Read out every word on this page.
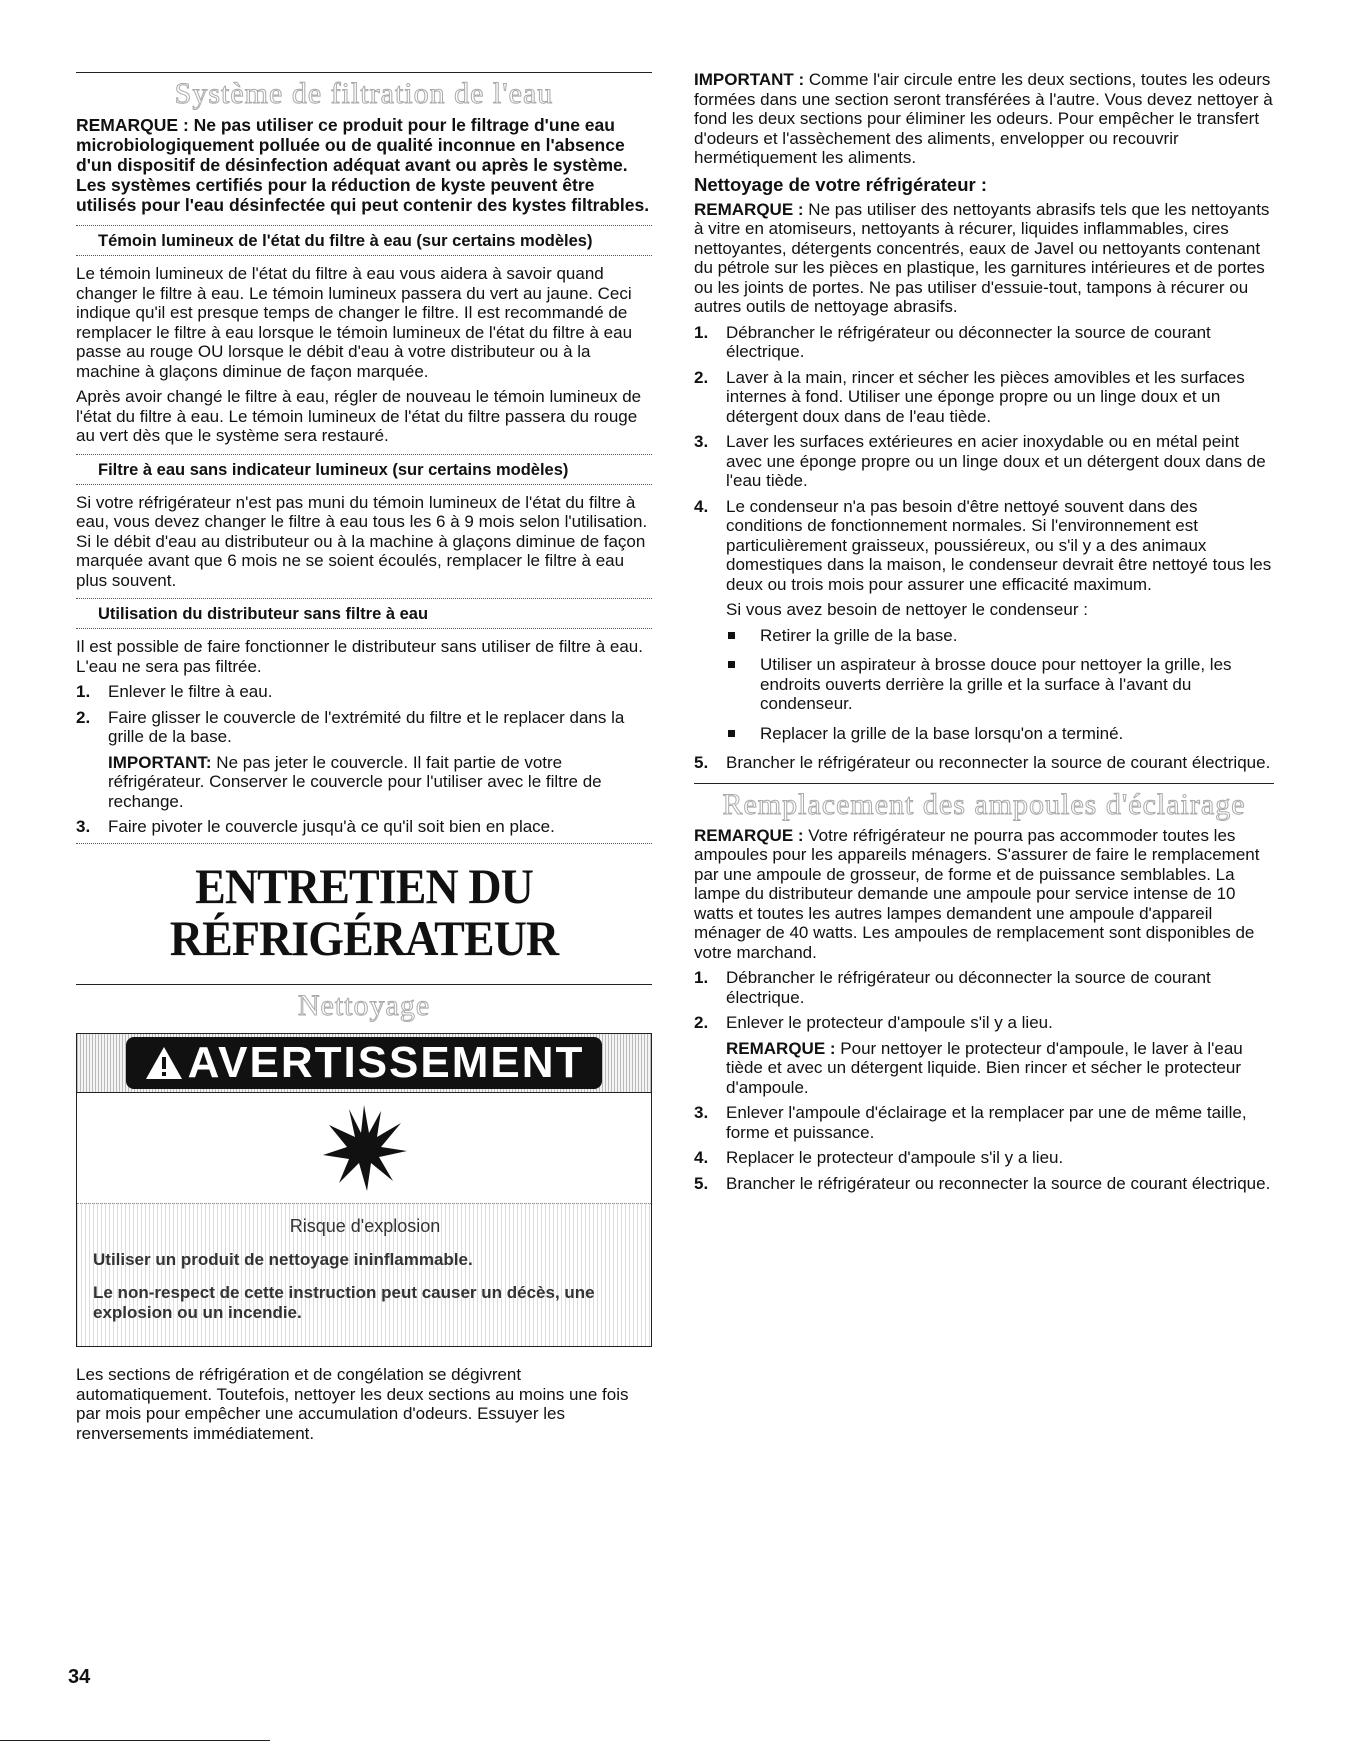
Système de filtration de l'eau

REMARQUE : Ne pas utiliser ce produit pour le filtrage d'une eau microbiologiquement polluée ou de qualité inconnue en l'absence d'un dispositif de désinfection adéquat avant ou après le système. Les systèmes certifiés pour la réduction de kyste peuvent être utilisés pour l'eau désinfectée qui peut contenir des kystes filtrables.

Témoin lumineux de l'état du filtre à eau (sur certains modèles)

Le témoin lumineux de l'état du filtre à eau vous aidera à savoir quand changer le filtre à eau. Le témoin lumineux passera du vert au jaune. Ceci indique qu'il est presque temps de changer le filtre. Il est recommandé de remplacer le filtre à eau lorsque le témoin lumineux de l'état du filtre à eau passe au rouge OU lorsque le débit d'eau à votre distributeur ou à la machine à glaçons diminue de façon marquée.

Après avoir changé le filtre à eau, régler de nouveau le témoin lumineux de l'état du filtre à eau. Le témoin lumineux de l'état du filtre passera du rouge au vert dès que le système sera restauré.

Filtre à eau sans indicateur lumineux (sur certains modèles)

Si votre réfrigérateur n'est pas muni du témoin lumineux de l'état du filtre à eau, vous devez changer le filtre à eau tous les 6 à 9 mois selon l'utilisation. Si le débit d'eau au distributeur ou à la machine à glaçons diminue de façon marquée avant que 6 mois ne se soient écoulés, remplacer le filtre à eau plus souvent.

Utilisation du distributeur sans filtre à eau

Il est possible de faire fonctionner le distributeur sans utiliser de filtre à eau. L'eau ne sera pas filtrée.

1. Enlever le filtre à eau.
2. Faire glisser le couvercle de l'extrémité du filtre et le replacer dans la grille de la base.

IMPORTANT: Ne pas jeter le couvercle. Il fait partie de votre réfrigérateur. Conserver le couvercle pour l'utiliser avec le filtre de rechange.

3. Faire pivoter le couvercle jusqu'à ce qu'il soit bien en place.
ENTRETIEN DU
RÉFRIGÉRATEUR
Nettoyage
AVERTISSEMENT
Risque d'explosion

Utiliser un produit de nettoyage ininflammable.

Le non-respect de cette instruction peut causer un décès, une explosion ou un incendie.

Les sections de réfrigération et de congélation se dégivrent automatiquement. Toutefois, nettoyer les deux sections au moins une fois par mois pour empêcher une accumulation d'odeurs. Essuyer les renversements immédiatement.

IMPORTANT : Comme l'air circule entre les deux sections, toutes les odeurs formées dans une section seront transférées à l'autre. Vous devez nettoyer à fond les deux sections pour éliminer les odeurs. Pour empêcher le transfert d'odeurs et l'assèchement des aliments, envelopper ou recouvrir hermétiquement les aliments.

Nettoyage de votre réfrigérateur :

REMARQUE : Ne pas utiliser des nettoyants abrasifs tels que les nettoyants à vitre en atomiseurs, nettoyants à récurer, liquides inflammables, cires nettoyantes, détergents concentrés, eaux de Javel ou nettoyants contenant du pétrole sur les pièces en plastique, les garnitures intérieures et de portes ou les joints de portes. Ne pas utiliser d'essuie-tout, tampons à récurer ou autres outils de nettoyage abrasifs.

1. Débrancher le réfrigérateur ou déconnecter la source de courant électrique.
2. Laver à la main, rincer et sécher les pièces amovibles et les surfaces internes à fond. Utiliser une éponge propre ou un linge doux et un détergent doux dans de l'eau tiède.
3. Laver les surfaces extérieures en acier inoxydable ou en métal peint avec une éponge propre ou un linge doux et un détergent doux dans de l'eau tiède.
4. Le condenseur n'a pas besoin d'être nettoyé souvent dans des conditions de fonctionnement normales. Si l'environnement est particulièrement graisseux, poussiéreux, ou s'il y a des animaux domestiques dans la maison, le condenseur devrait être nettoyé tous les deux ou trois mois pour assurer une efficacité maximum.

Si vous avez besoin de nettoyer le condenseur :

Retirer la grille de la base.
Utiliser un aspirateur à brosse douce pour nettoyer la grille, les endroits ouverts derrière la grille et la surface à l'avant du condenseur.
Replacer la grille de la base lorsqu'on a terminé.
5. Brancher le réfrigérateur ou reconnecter la source de courant électrique.
Remplacement des ampoules d'éclairage

REMARQUE : Votre réfrigérateur ne pourra pas accommoder toutes les ampoules pour les appareils ménagers. S'assurer de faire le remplacement par une ampoule de grosseur, de forme et de puissance semblables. La lampe du distributeur demande une ampoule pour service intense de 10 watts et toutes les autres lampes demandent une ampoule d'appareil ménager de 40 watts. Les ampoules de remplacement sont disponibles de votre marchand.

1. Débrancher le réfrigérateur ou déconnecter la source de courant électrique.
2. Enlever le protecteur d'ampoule s'il y a lieu.

REMARQUE : Pour nettoyer le protecteur d'ampoule, le laver à l'eau tiède et avec un détergent liquide. Bien rincer et sécher le protecteur d'ampoule.

3. Enlever l'ampoule d'éclairage et la remplacer par une de même taille, forme et puissance.
4. Replacer le protecteur d'ampoule s'il y a lieu.
5. Brancher le réfrigérateur ou reconnecter la source de courant électrique.
34
